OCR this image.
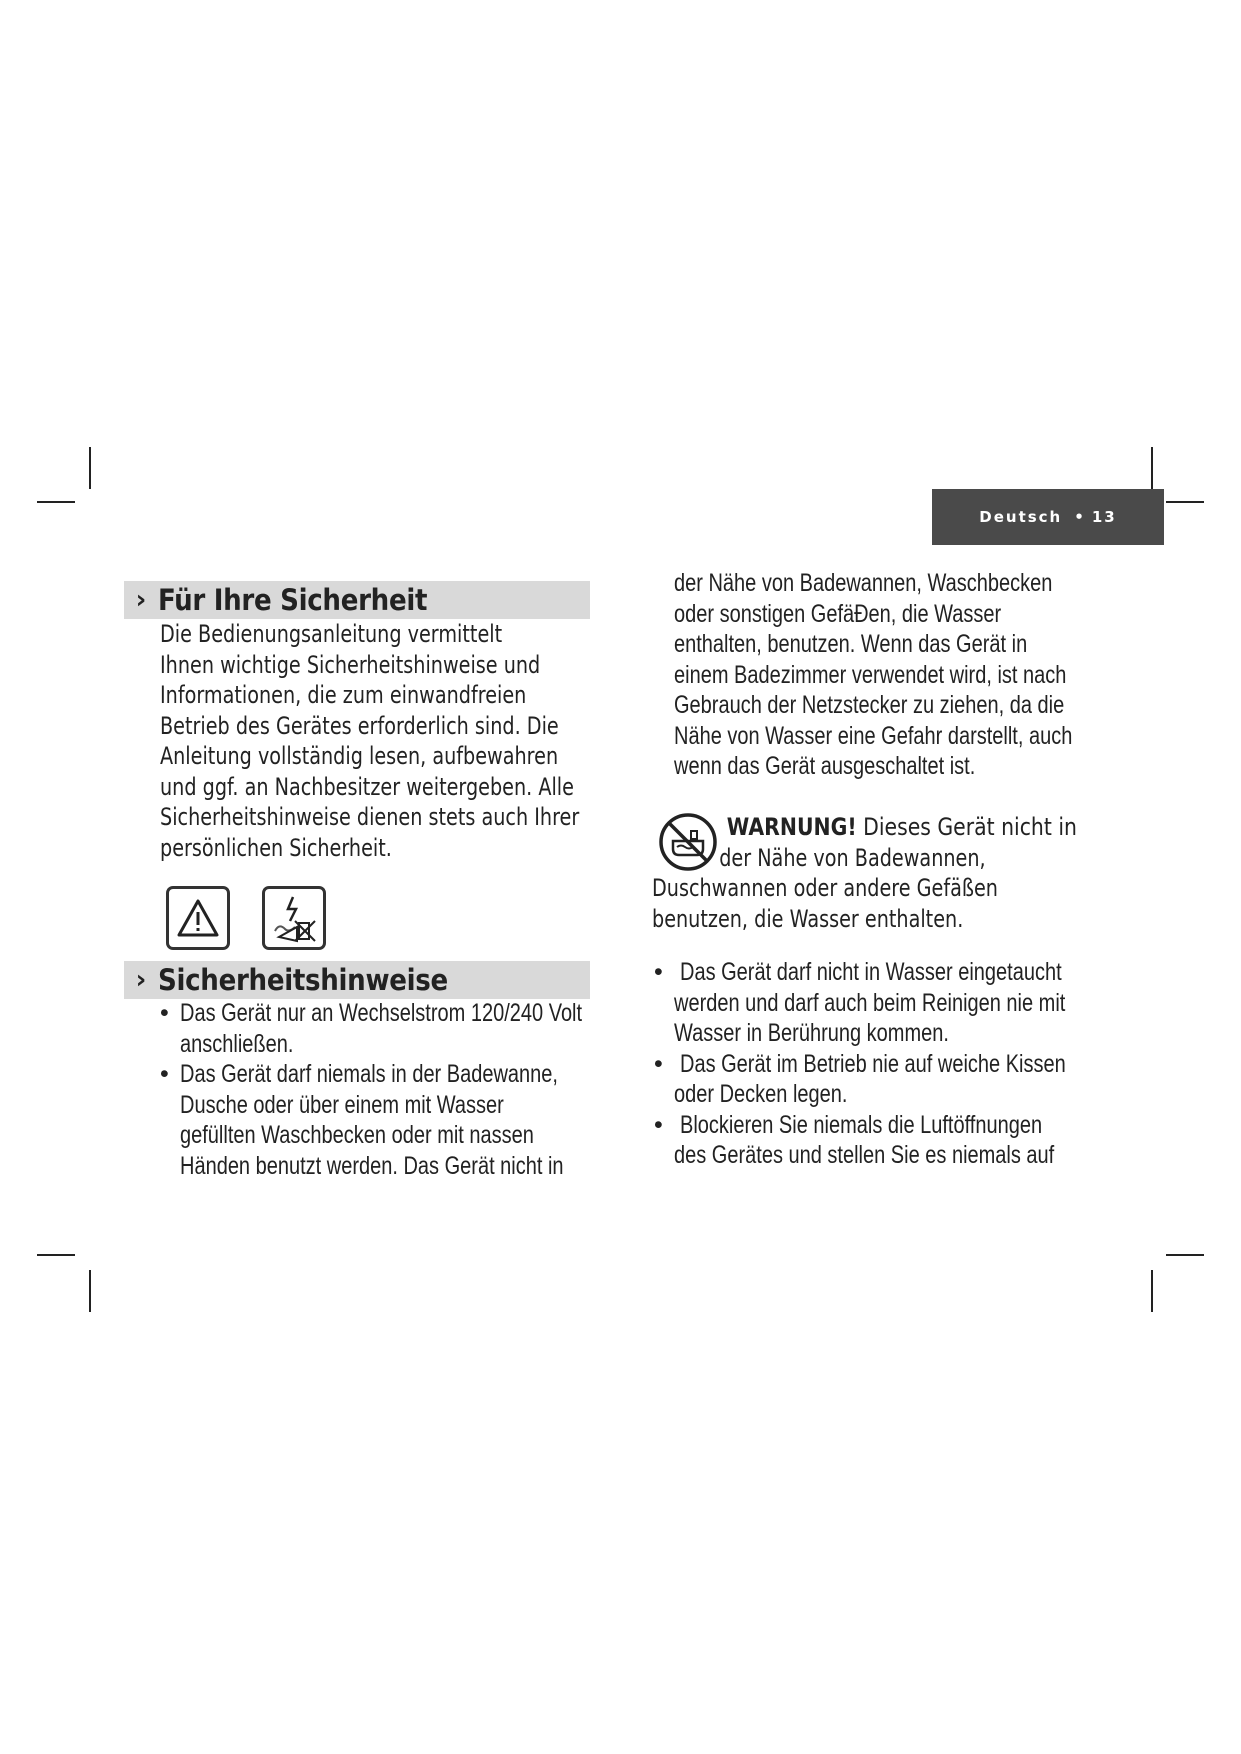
Deutsch • 13
› Für Ihre Sicherheit
Die Bedienungsanleitung vermittelt
Ihnen wichtige Sicherheitshinweise und
Informationen, die zum einwandfreien
Betrieb des Gerätes erforderlich sind. Die
Anleitung vollständig lesen, aufbewahren
und ggf. an Nachbesitzer weitergeben. Alle
Sicherheitshinweise dienen stets auch Ihrer
persönlichen Sicherheit.
› Sicherheitshinweise
• Das Gerät nur an Wechselstrom 120/240 Volt
anschließen.
• Das Gerät darf niemals in der Badewanne,
Dusche oder über einem mit Wasser
gefüllten Waschbecken oder mit nassen
Händen benutzt werden. Das Gerät nicht in
der Nähe von Badewannen, Waschbecken
oder sonstigen GefäÐen, die Wasser
enthalten, benutzen. Wenn das Gerät in
einem Badezimmer verwendet wird, ist nach
Gebrauch der Netzstecker zu ziehen, da die
Nähe von Wasser eine Gefahr darstellt, auch
wenn das Gerät ausgeschaltet ist.
WARNUNG! Dieses Gerät nicht in
der Nähe von Badewannen,
Duschwannen oder andere Gefäßen
benutzen, die Wasser enthalten.
• Das Gerät darf nicht in Wasser eingetaucht
werden und darf auch beim Reinigen nie mit
Wasser in Berührung kommen.
• Das Gerät im Betrieb nie auf weiche Kissen
oder Decken legen.
• Blockieren Sie niemals die Luftöffnungen
des Gerätes und stellen Sie es niemals auf
